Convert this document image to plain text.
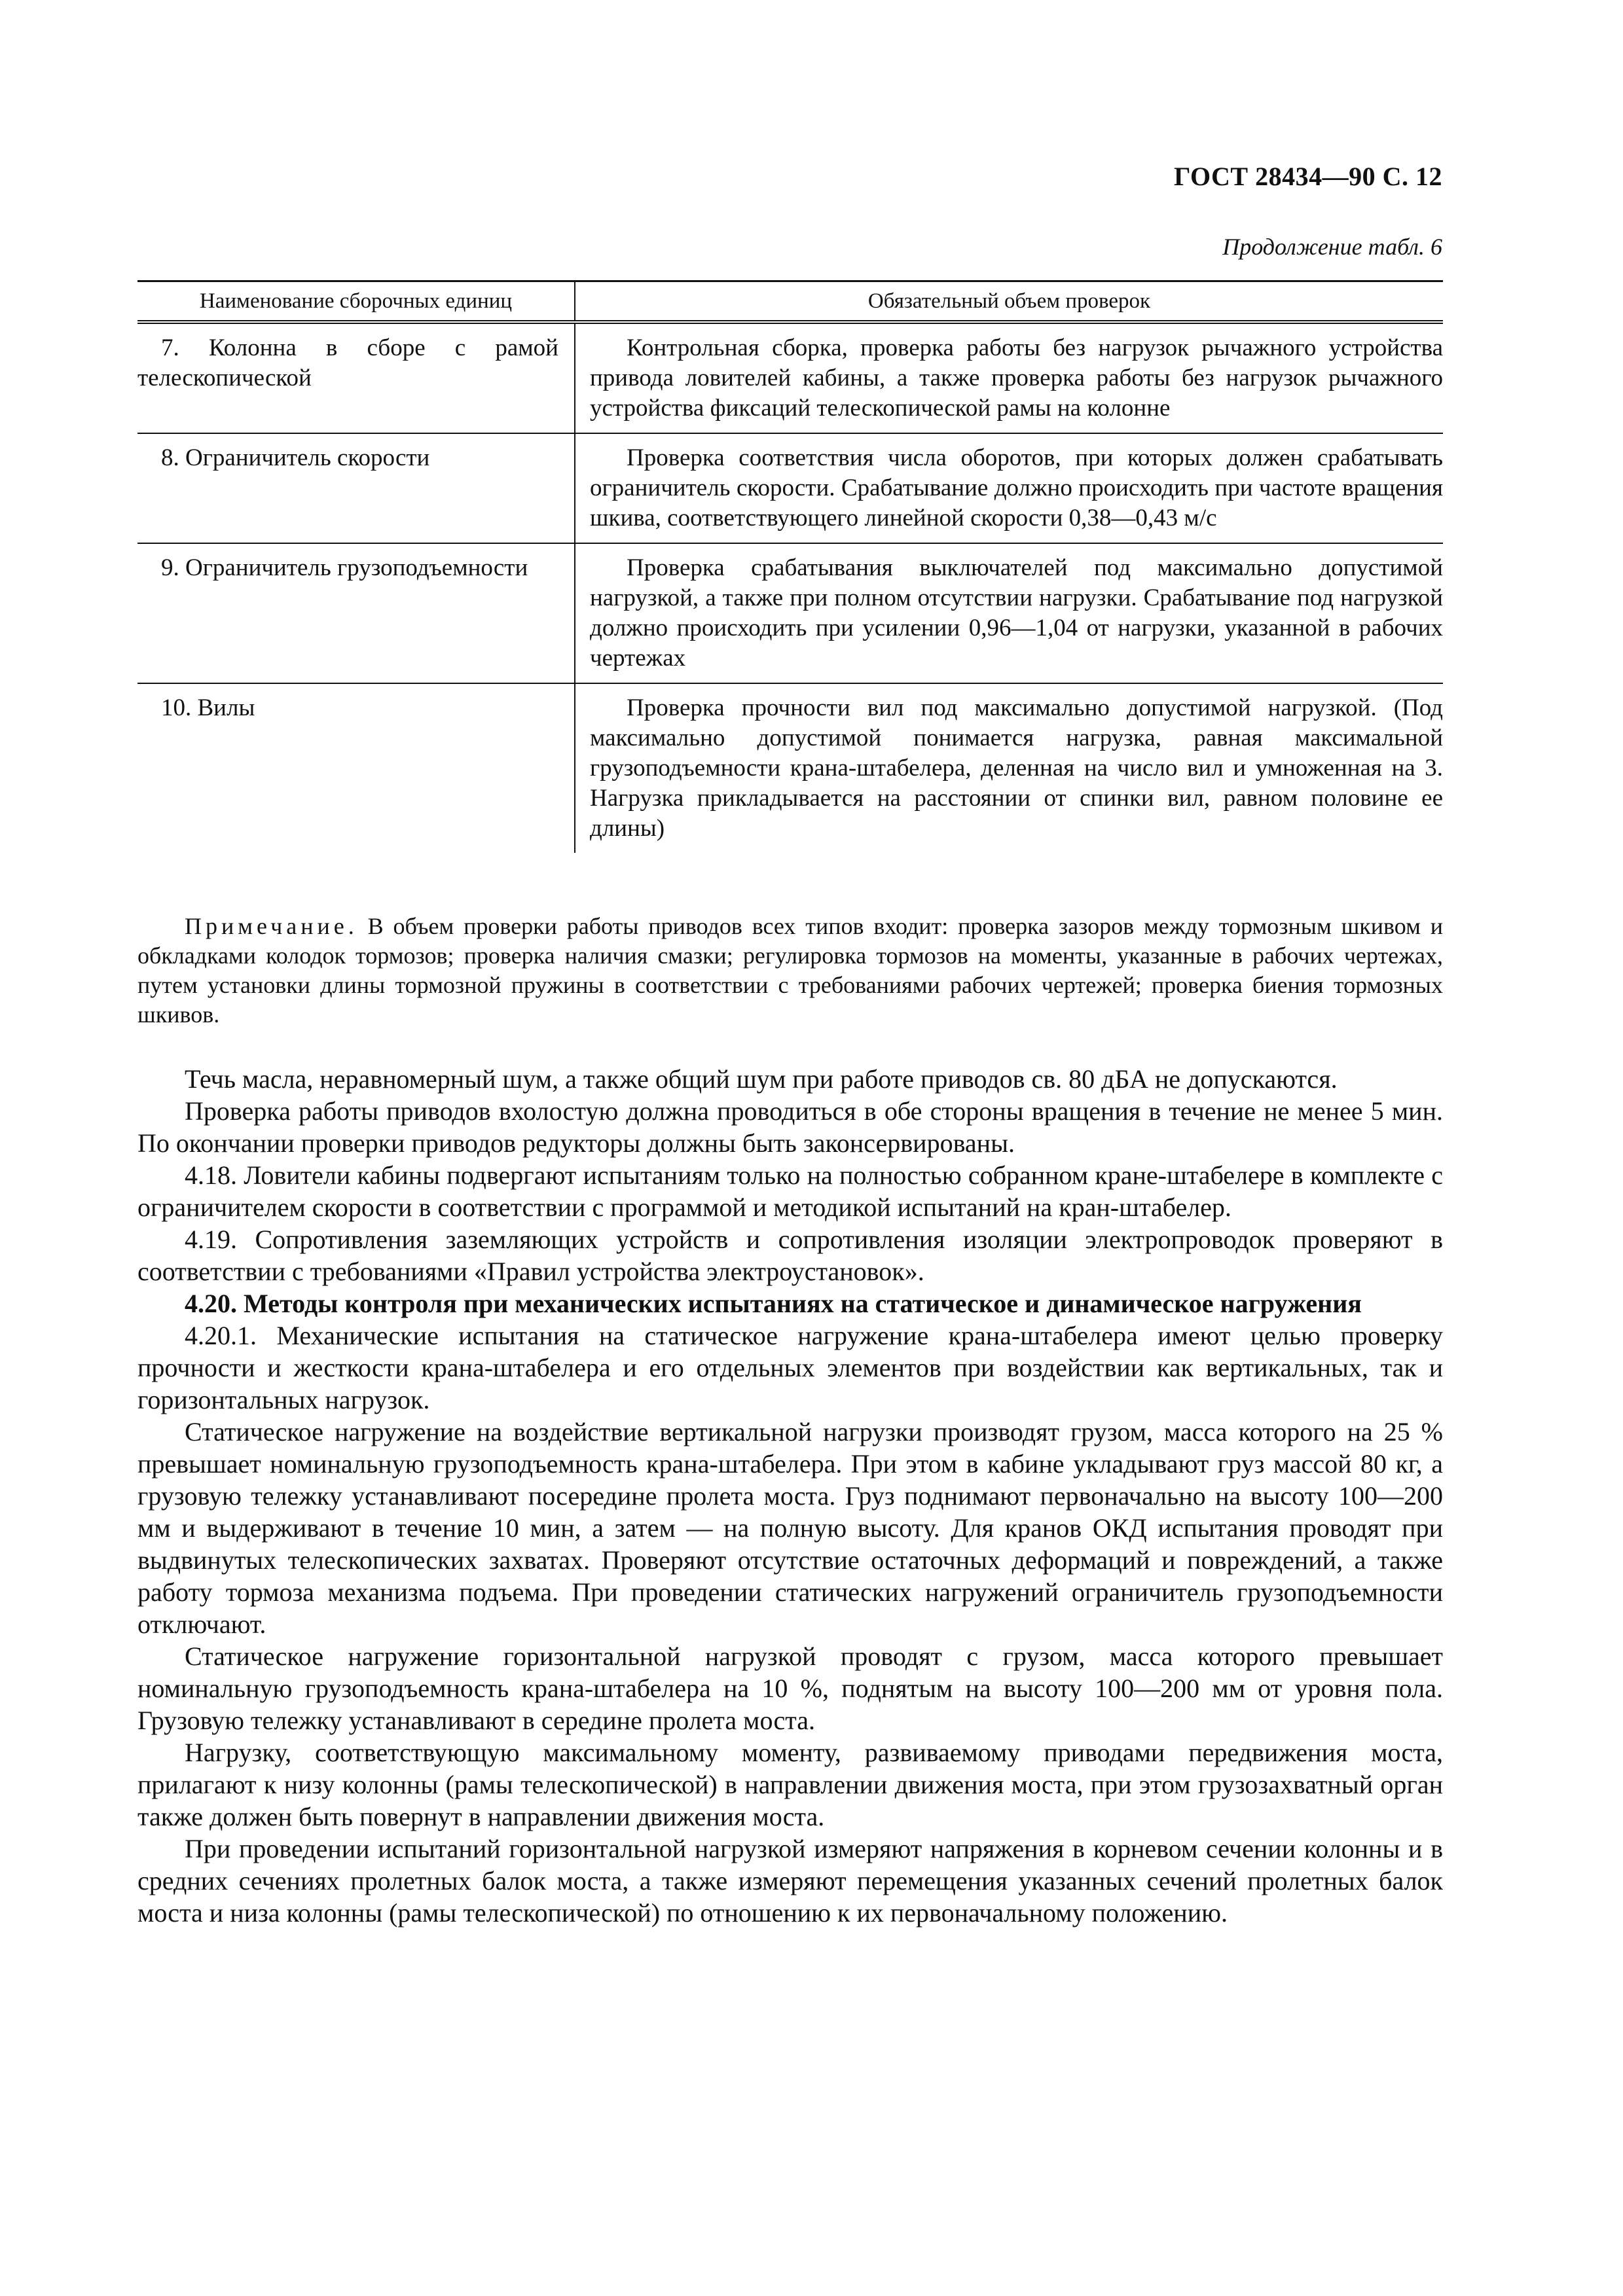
ГОСТ 28434—90 С. 12
Продолжение табл. 6
Наименование сборочных единиц	Обязательный объем проверок

7. Колонна в сборе с рамой телескопической	Контрольная сборка, проверка работы без нагрузок рычажного устройства привода ловителей кабины, а также проверка работы без нагрузок рычажного устройства фиксаций телескопической рамы на колонне

8. Ограничитель скорости	Проверка соответствия числа оборотов, при которых должен срабатывать ограничитель скорости. Срабатывание должно происходить при частоте вращения шкива, соответствующего линейной скорости 0,38—0,43 м/с

9. Ограничитель грузоподъемности	Проверка срабатывания выключателей под максимально допустимой нагрузкой, а также при полном отсутствии нагрузки. Срабатывание под нагрузкой должно происходить при усилении 0,96—1,04 от нагрузки, указанной в рабочих чертежах

10. Вилы	Проверка прочности вил под максимально допустимой нагрузкой. (Под максимально допустимой понимается нагрузка, равная максимальной грузоподъемности крана-штабелера, деленная на число вил и умноженная на 3. Нагрузка прикладывается на расстоянии от спинки вил, равном половине ее длины)
Примечание. В объем проверки работы приводов всех типов входит: проверка зазоров между тормозным шкивом и обкладками колодок тормозов; проверка наличия смазки; регулировка тормозов на моменты, указанные в рабочих чертежах, путем установки длины тормозной пружины в соответствии с требованиями рабочих чертежей; проверка биения тормозных шкивов.

Течь масла, неравномерный шум, а также общий шум при работе приводов св. 80 дБА не допускаются.

Проверка работы приводов вхолостую должна проводиться в обе стороны вращения в течение не менее 5 мин. По окончании проверки приводов редукторы должны быть законсервированы.

4.18. Ловители кабины подвергают испытаниям только на полностью собранном кране-штабелере в комплекте с ограничителем скорости в соответствии с программой и методикой испытаний на кран-штабелер.

4.19. Сопротивления заземляющих устройств и сопротивления изоляции электропроводок проверяют в соответствии с требованиями «Правил устройства электроустановок».

4.20. Методы контроля при механических испытаниях на статическое и динамическое нагружения

4.20.1. Механические испытания на статическое нагружение крана-штабелера имеют целью проверку прочности и жесткости крана-штабелера и его отдельных элементов при воздействии как вертикальных, так и горизонтальных нагрузок.

Статическое нагружение на воздействие вертикальной нагрузки производят грузом, масса которого на 25 % превышает номинальную грузоподъемность крана-штабелера. При этом в кабине укладывают груз массой 80 кг, а грузовую тележку устанавливают посередине пролета моста. Груз поднимают первоначально на высоту 100—200 мм и выдерживают в течение 10 мин, а затем — на полную высоту. Для кранов ОКД испытания проводят при выдвинутых телескопических захватах. Проверяют отсутствие остаточных деформаций и повреждений, а также работу тормоза механизма подъема. При проведении статических нагружений ограничитель грузоподъемности отключают.

Статическое нагружение горизонтальной нагрузкой проводят с грузом, масса которого превышает номинальную грузоподъемность крана-штабелера на 10 %, поднятым на высоту 100—200 мм от уровня пола. Грузовую тележку устанавливают в середине пролета моста.

Нагрузку, соответствующую максимальному моменту, развиваемому приводами передвижения моста, прилагают к низу колонны (рамы телескопической) в направлении движения моста, при этом грузозахватный орган также должен быть повернут в направлении движения моста.

При проведении испытаний горизонтальной нагрузкой измеряют напряжения в корневом сечении колонны и в средних сечениях пролетных балок моста, а также измеряют перемещения указанных сечений пролетных балок моста и низа колонны (рамы телескопической) по отношению к их первоначальному положению.
